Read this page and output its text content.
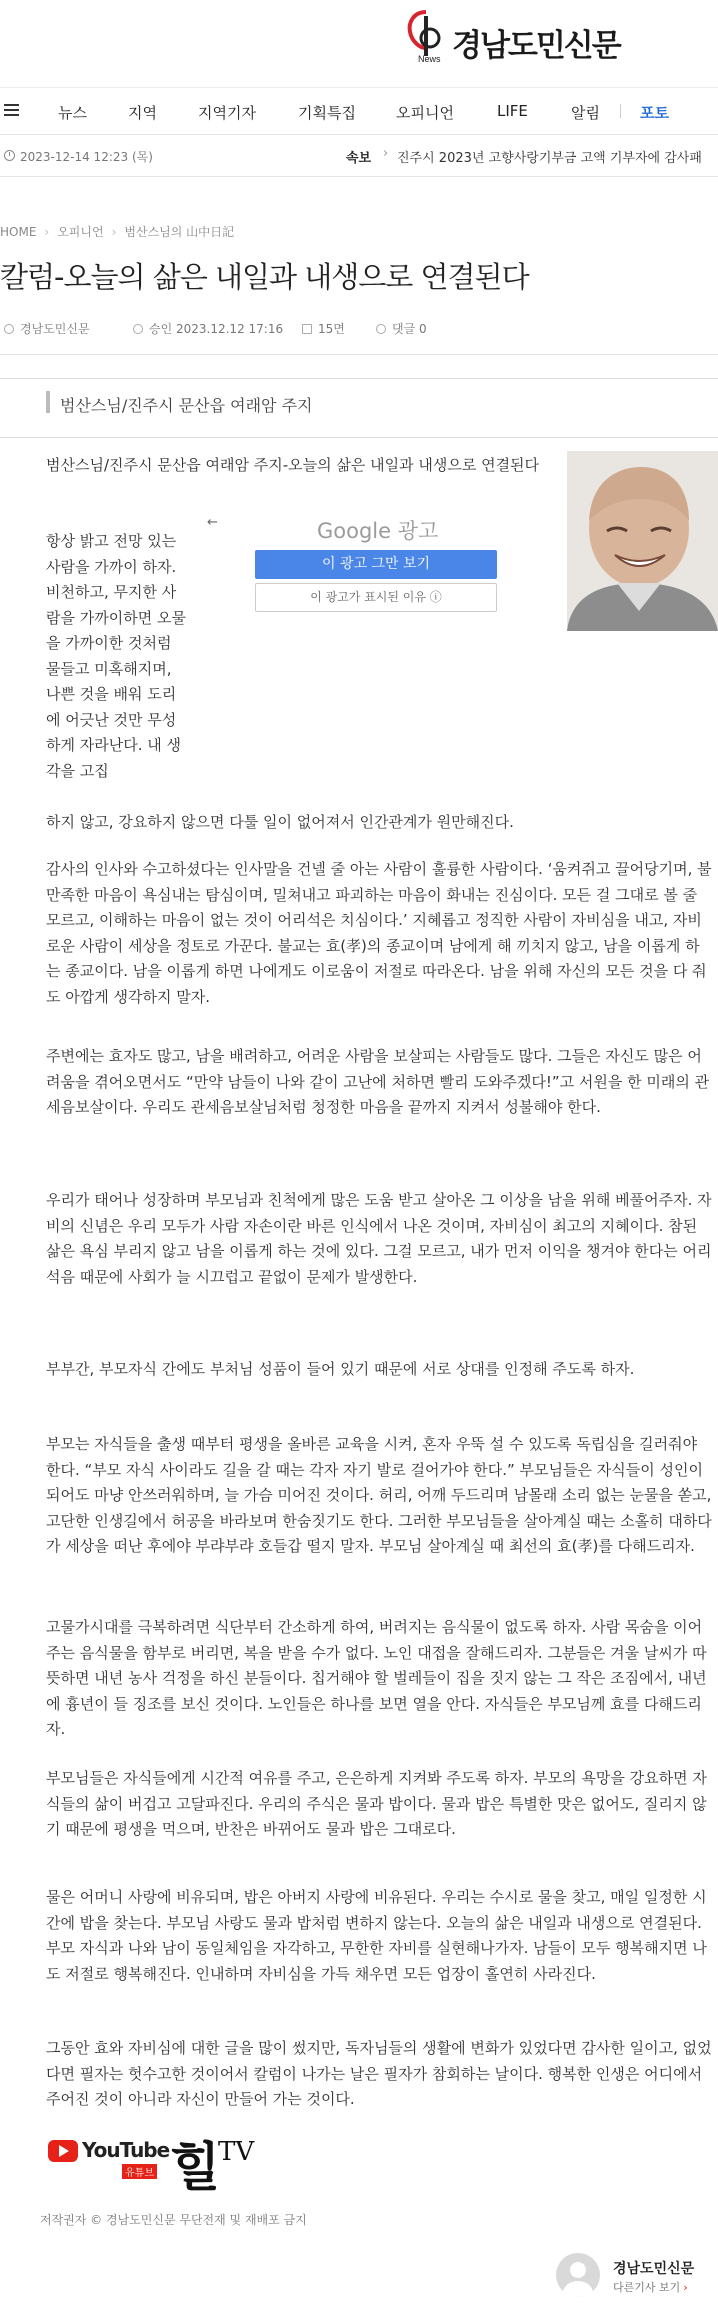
News 경남도민신문
뉴스	지역	지역기자	기획특집	오피니언	LIFE	알림	포토
2023-12-14 12:23 (목)	속보 › 진주시 2023년 고향사랑기부금 고액 기부자에 감사패
HOME › 오피니언 › 범산스님의 山中日記
칼럼-오늘의 삶은 내일과 내생으로 연결된다
경남도민신문	승인 2023.12.12 17:16	15면	댓글 0
범산스님/진주시 문산읍 여래암 주지
범산스님/진주시 문산읍 여래암 주지-오늘의 삶은 내일과 내생으로 연결된다
항상 밝고 전망 있는 사람을 가까이 하자. 비천하고, 무지한 사람을 가까이하면 오물을 가까이한 것처럼 물들고 미혹해지며, 나쁜 것을 배워 도리에 어긋난 것만 무성하게 자라난다. 내 생각을 고집
하지 않고, 강요하지 않으면 다툴 일이 없어져서 인간관계가 원만해진다.
←	Google 광고
이 광고 그만 보기
이 광고가 표시된 이유 ⓘ
감사의 인사와 수고하셨다는 인사말을 건넬 줄 아는 사람이 훌륭한 사람이다. ‘움켜쥐고 끌어당기며, 불만족한 마음이 욕심내는 탐심이며, 밀쳐내고 파괴하는 마음이 화내는 진심이다. 모든 걸 그대로 볼 줄 모르고, 이해하는 마음이 없는 것이 어리석은 치심이다.’ 지혜롭고 정직한 사람이 자비심을 내고, 자비로운 사람이 세상을 정토로 가꾼다. 불교는 효(孝)의 종교이며 남에게 해 끼치지 않고, 남을 이롭게 하는 종교이다. 남을 이롭게 하면 나에게도 이로움이 저절로 따라온다. 남을 위해 자신의 모든 것을 다 줘도 아깝게 생각하지 말자.
주변에는 효자도 많고, 남을 배려하고, 어려운 사람을 보살피는 사람들도 많다. 그들은 자신도 많은 어려움을 겪어오면서도 “만약 남들이 나와 같이 고난에 처하면 빨리 도와주겠다!”고 서원을 한 미래의 관세음보살이다. 우리도 관세음보살님처럼 청정한 마음을 끝까지 지켜서 성불해야 한다.
우리가 태어나 성장하며 부모님과 친척에게 많은 도움 받고 살아온 그 이상을 남을 위해 베풀어주자. 자비의 신념은 우리 모두가 사람 자손이란 바른 인식에서 나온 것이며, 자비심이 최고의 지혜이다. 참된 삶은 욕심 부리지 않고 남을 이롭게 하는 것에 있다. 그걸 모르고, 내가 먼저 이익을 챙겨야 한다는 어리석음 때문에 사회가 늘 시끄럽고 끝없이 문제가 발생한다.
부부간, 부모자식 간에도 부처님 성품이 들어 있기 때문에 서로 상대를 인정해 주도록 하자.
부모는 자식들을 출생 때부터 평생을 올바른 교육을 시켜, 혼자 우뚝 설 수 있도록 독립심을 길러줘야 한다. “부모 자식 사이라도 길을 갈 때는 각자 자기 발로 걸어가야 한다.” 부모님들은 자식들이 성인이 되어도 마냥 안쓰러워하며, 늘 가슴 미어진 것이다. 허리, 어깨 두드리며 남몰래 소리 없는 눈물을 쏟고, 고단한 인생길에서 허공을 바라보며 한숨짓기도 한다. 그러한 부모님들을 살아계실 때는 소홀히 대하다가 세상을 떠난 후에야 부랴부랴 호들갑 떨지 말자. 부모님 살아계실 때 최선의 효(孝)를 다해드리자.
고물가시대를 극복하려면 식단부터 간소하게 하여, 버려지는 음식물이 없도록 하자. 사람 목숨을 이어주는 음식물을 함부로 버리면, 복을 받을 수가 없다. 노인 대접을 잘해드리자. 그분들은 겨울 날씨가 따뜻하면 내년 농사 걱정을 하신 분들이다. 칩거해야 할 벌레들이 집을 짓지 않는 그 작은 조짐에서, 내년에 흉년이 들 징조를 보신 것이다. 노인들은 하나를 보면 열을 안다. 자식들은 부모님께 효를 다해드리자.
부모님들은 자식들에게 시간적 여유를 주고, 은은하게 지켜봐 주도록 하자. 부모의 욕망을 강요하면 자식들의 삶이 버겁고 고달파진다. 우리의 주식은 물과 밥이다. 물과 밥은 특별한 맛은 없어도, 질리지 않기 때문에 평생을 먹으며, 반찬은 바뀌어도 물과 밥은 그대로다.
물은 어머니 사랑에 비유되며, 밥은 아버지 사랑에 비유된다. 우리는 수시로 물을 찾고, 매일 일정한 시간에 밥을 찾는다. 부모님 사랑도 물과 밥처럼 변하지 않는다. 오늘의 삶은 내일과 내생으로 연결된다. 부모 자식과 나와 남이 동일체임을 자각하고, 무한한 자비를 실현해나가자. 남들이 모두 행복해지면 나도 저절로 행복해진다. 인내하며 자비심을 가득 채우면 모든 업장이 홀연히 사라진다.
그동안 효와 자비심에 대한 글을 많이 썼지만, 독자님들의 생활에 변화가 있었다면 감사한 일이고, 없었다면 필자는 헛수고한 것이어서 칼럼이 나가는 날은 필자가 참회하는 날이다. 행복한 인생은 어디에서 주어진 것이 아니라 자신이 만들어 가는 것이다.
YouTube
유튜브 힐
TV
저작권자 © 경남도민신문 무단전재 및 재배포 금지
경남도민신문
다른기사 보기 ›
